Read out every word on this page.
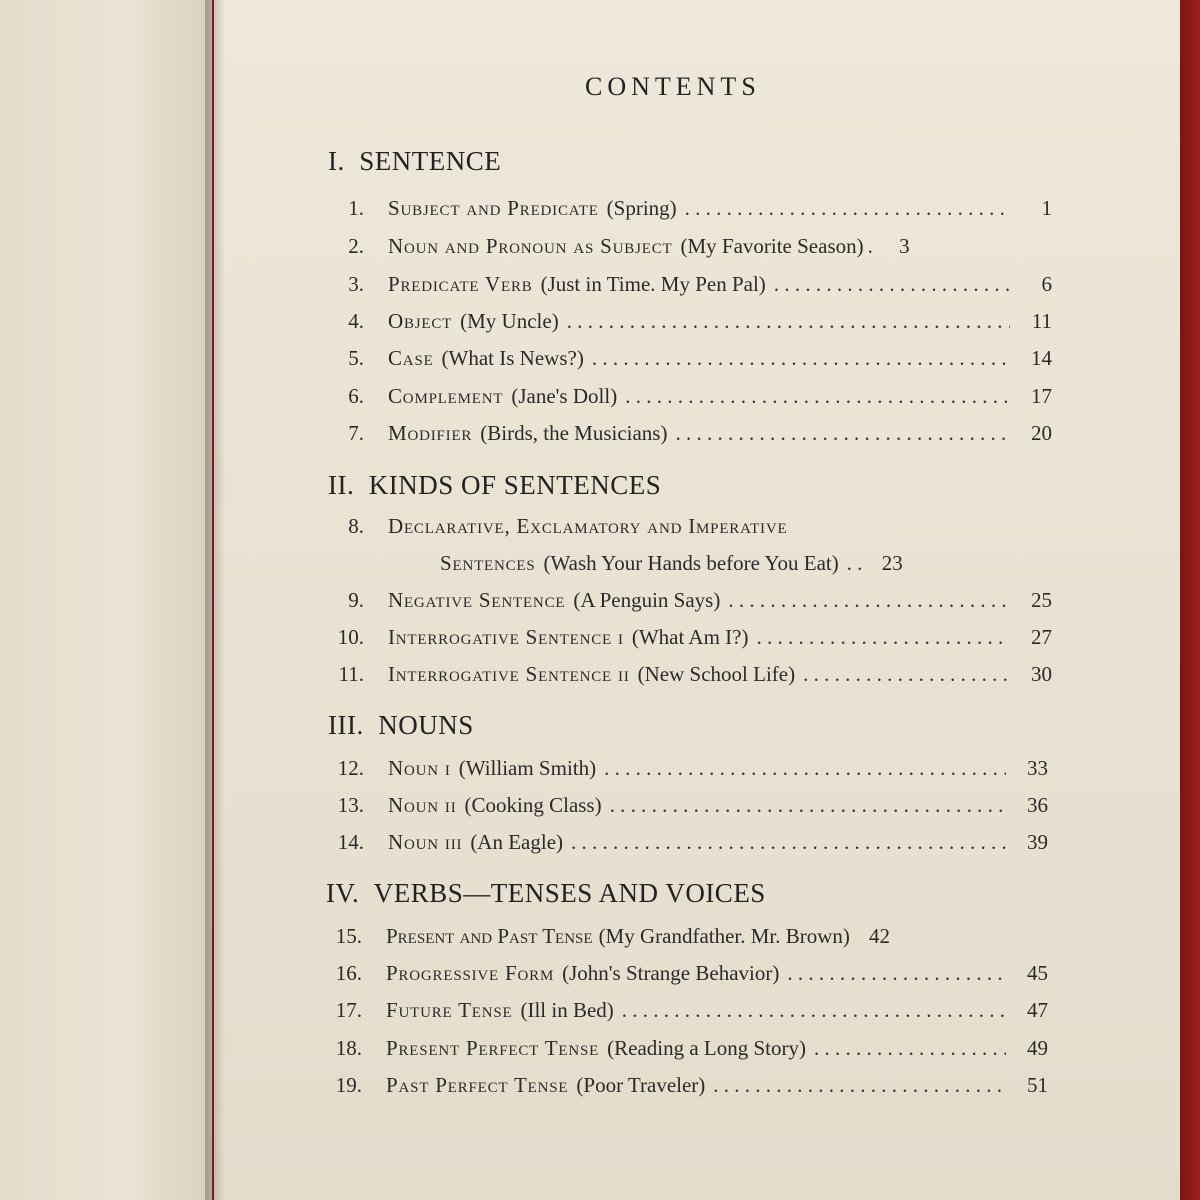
CONTENTS
I. SENTENCE
1. Subject and Predicate (Spring) . . .	1
2. Noun and Pronoun as Subject (My Favorite Season) . . .	3
3. Predicate Verb (Just in Time. My Pen Pal) . . .	6
4. Object (My Uncle) . . .	11
5. Case (What Is News?) . . .	14
6. Complement (Jane's Doll) . . .	17
7. Modifier (Birds, the Musicians) . . .	20
II. KINDS OF SENTENCES
8. Declarative, Exclamatory and Imperative
Sentences (Wash Your Hands before You Eat) . . .	23
9. Negative Sentence (A Penguin Says) . . .	25
10. Interrogative Sentence i (What Am I?) . . .	27
11. Interrogative Sentence ii (New School Life) . . .	30
III. NOUNS
12. Noun i (William Smith) . . .	33
13. Noun ii (Cooking Class) . . .	36
14. Noun iii (An Eagle) . . .	39
IV. VERBS—TENSES AND VOICES
15. Present and Past Tense (My Grandfather. Mr. Brown) 42
16. Progressive Form (John's Strange Behavior) . . .	45
17. Future Tense (Ill in Bed) . . .	47
18. Present Perfect Tense (Reading a Long Story) . . .	49
19. Past Perfect Tense (Poor Traveler) . . .	51
